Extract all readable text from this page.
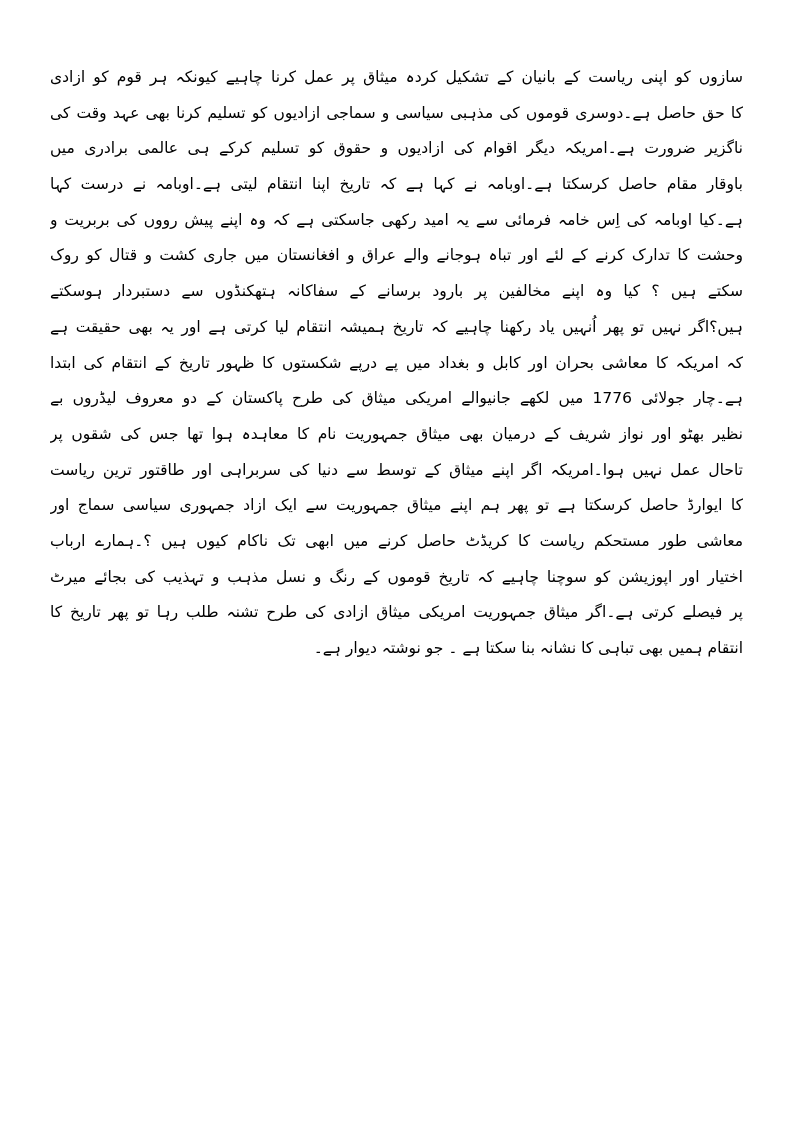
سازوں کو اپنی ریاست کے بانیان کے تشکیل کردہ میثاق پر عمل کرنا چاہیے کیونکہ ہر قوم کو ازادی
کا حق حاصل ہے۔دوسری قوموں کی مذہبی سیاسی و سماجی ازادیوں کو تسلیم کرنا بھی عہد وقت کی
ناگزیر ضرورت ہے۔امریکہ دیگر اقوام کی ازادیوں و حقوق کو تسلیم کرکے ہی عالمی برادری میں
باوقار مقام حاصل کرسکتا ہے۔اوبامہ نے کہا ہے کہ تاریخ اپنا انتقام لیتی ہے۔اوبامہ نے درست کہا
ہے۔کیا اوبامہ کی اِس خامہ فرمائی سے یہ امید رکھی جاسکتی ہے کہ وہ اپنے پیش رووں کی بربریت و
وحشت کا تدارک کرنے کے لئے اور تباہ ہوجانے والے عراق و افغانستان میں جاری کشت و قتال کو روک
سکتے ہیں ؟ کیا وہ اپنے مخالفین پر بارود برسانے کے سفاکانہ ہتھکنڈوں سے دستبردار ہوسکتے
ہیں؟اگر نہیں تو پھر اُنہیں یاد رکھنا چاہیے کہ تاریخ ہمیشہ انتقام لیا کرتی ہے اور یہ بھی حقیقت ہے
کہ امریکہ کا معاشی بحران اور کابل و بغداد میں پے درپے شکستوں کا ظہور تاریخ کے انتقام کی ابتدا
ہے۔چار جولائی 1776 میں لکھے جانیوالے امریکی میثاق کی طرح پاکستان کے دو معروف لیڈروں بے
نظیر بھٹو اور نواز شریف کے درمیان بھی میثاق جمہوریت نام کا معاہدہ ہوا تھا جس کی شقوں پر
تاحال عمل نہیں ہوا۔امریکہ اگر اپنے میثاق کے توسط سے دنیا کی سربراہی اور طاقتور ترین ریاست
کا ایوارڈ حاصل کرسکتا ہے تو پھر ہم اپنے میثاق جمہوریت سے ایک ازاد جمہوری سیاسی سماج اور
معاشی طور مستحکم ریاست کا کریڈٹ حاصل کرنے میں ابھی تک ناکام کیوں ہیں ؟۔ہمارے ارباب
اختیار اور اپوزیشن کو سوچنا چاہیے کہ تاریخ قوموں کے رنگ و نسل مذہب و تہذیب کی بجائے میرٹ
پر فیصلے کرتی ہے۔اگر میثاق جمہوریت امریکی میثاق ازادی کی طرح تشنہ طلب رہا تو پھر تاریخ کا
انتقام ہمیں بھی تباہی کا نشانہ بنا سکتا ہے ۔ جو نوشتہ دیوار ہے۔
